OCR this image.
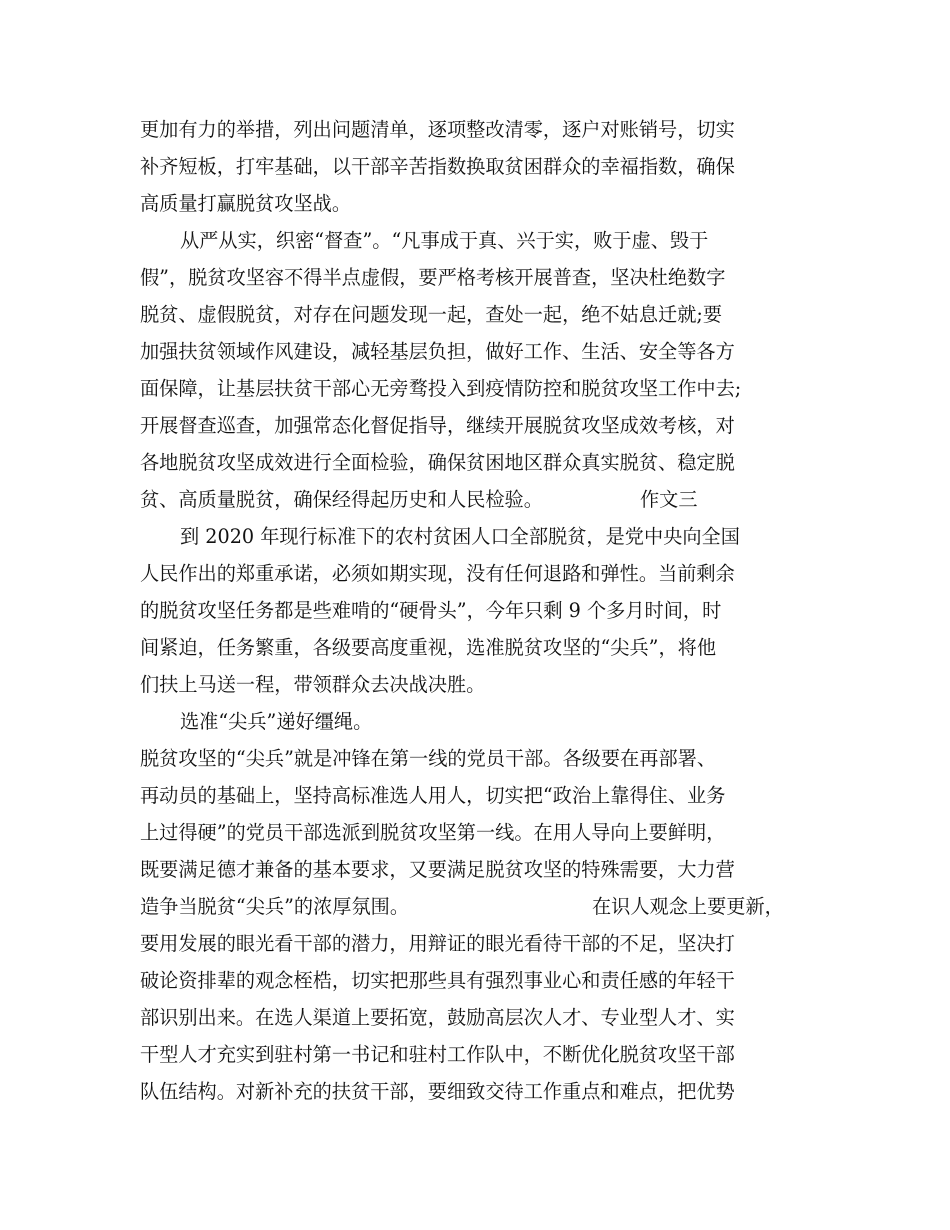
更加有力的举措，列出问题清单，逐项整改清零，逐户对账销号，切实
补齐短板，打牢基础，以干部辛苦指数换取贫困群众的幸福指数，确保
高质量打赢脱贫攻坚战。
从严从实，织密“督查”。“凡事成于真、兴于实，败于虚、毁于
假”，脱贫攻坚容不得半点虚假，要严格考核开展普查，坚决杜绝数字
脱贫、虚假脱贫，对存在问题发现一起，查处一起，绝不姑息迁就;要
加强扶贫领域作风建设，减轻基层负担，做好工作、生活、安全等各方
面保障，让基层扶贫干部心无旁骛投入到疫情防控和脱贫攻坚工作中去;
开展督查巡查，加强常态化督促指导，继续开展脱贫攻坚成效考核，对
各地脱贫攻坚成效进行全面检验，确保贫困地区群众真实脱贫、稳定脱
贫、高质量脱贫，确保经得起历史和人民检验。	作文三
到 2020 年现行标准下的农村贫困人口全部脱贫，是党中央向全国
人民作出的郑重承诺，必须如期实现，没有任何退路和弹性。当前剩余
的脱贫攻坚任务都是些难啃的“硬骨头”，今年只剩 9 个多月时间，时
间紧迫，任务繁重，各级要高度重视，选准脱贫攻坚的“尖兵”，将他
们扶上马送一程，带领群众去决战决胜。
选准“尖兵”递好缰绳。
脱贫攻坚的“尖兵”就是冲锋在第一线的党员干部。各级要在再部署、
再动员的基础上，坚持高标准选人用人，切实把“政治上靠得住、业务
上过得硬”的党员干部选派到脱贫攻坚第一线。在用人导向上要鲜明，
既要满足德才兼备的基本要求，又要满足脱贫攻坚的特殊需要，大力营
造争当脱贫“尖兵”的浓厚氛围。	在识人观念上要更新，
要用发展的眼光看干部的潜力，用辩证的眼光看待干部的不足，坚决打
破论资排辈的观念桎梏，切实把那些具有强烈事业心和责任感的年轻干
部识别出来。在选人渠道上要拓宽，鼓励高层次人才、专业型人才、实
干型人才充实到驻村第一书记和驻村工作队中，不断优化脱贫攻坚干部
队伍结构。对新补充的扶贫干部，要细致交待工作重点和难点，把优势
